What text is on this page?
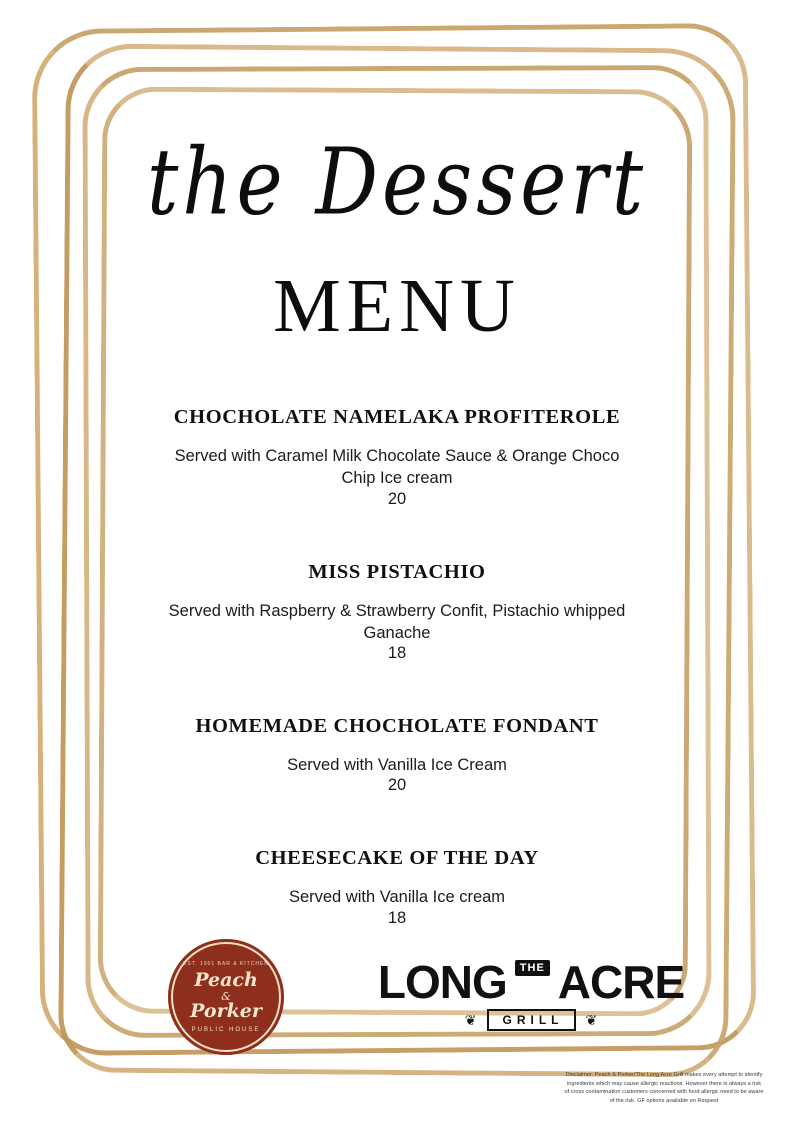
the Dessert
MENU

CHOCHOLATE NAMELAKA PROFITEROLE

Served with Caramel Milk Chocolate Sauce & Orange Choco Chip Ice cream

20

MISS PISTACHIO

Served with Raspberry & Strawberry Confit, Pistachio whipped Ganache

18

HOMEMADE CHOCHOLATE FONDANT

Served with Vanilla Ice Cream

20

CHEESECAKE OF THE DAY

Served with Vanilla Ice cream

18

EST. 1901 BAR & KITCHEN
Peach
&
Porker
· PUBLIC HOUSE ·
LONG	THE ACRE
❦	GRILL	❦
Disclaimer: Peach & Porker/The Long Acre Grill makes every attempt to identify ingredients which may cause allergic reactions. However there is always a risk of cross contamination customers concerned with food allergic need to be aware of the risk. GF options available on Request
